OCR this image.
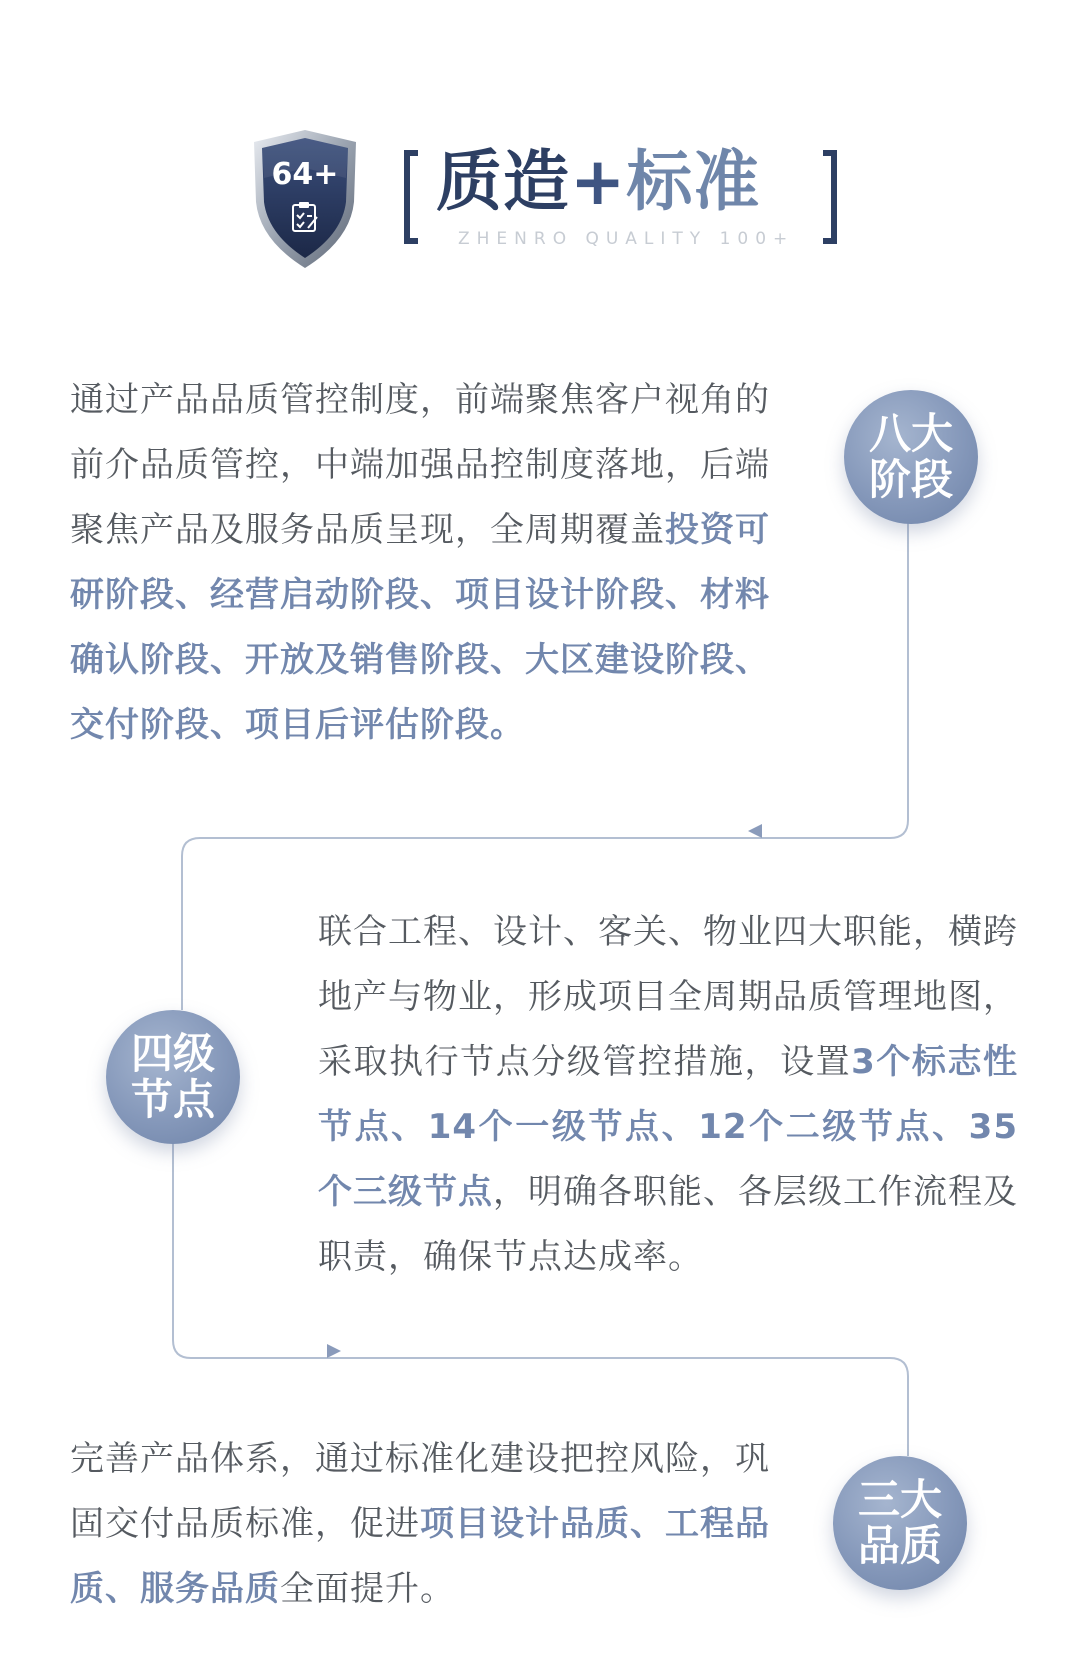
64+ 质造+标准
ZHENRO QUALITY 100+
通过产品品质管控制度，前端聚焦客户视角的前介品质管控，中端加强品控制度落地，后端聚焦产品及服务品质呈现，全周期覆盖投资可研阶段、经营启动阶段、项目设计阶段、材料确认阶段、开放及销售阶段、大区建设阶段、交付阶段、项目后评估阶段。
八大
阶段
四级
节点
联合工程、设计、客关、物业四大职能，横跨地产与物业，形成项目全周期品质管理地图，采取执行节点分级管控措施，设置3个标志性节点、14个一级节点、12个二级节点、35个三级节点，明确各职能、各层级工作流程及职责，确保节点达成率。
完善产品体系，通过标准化建设把控风险，巩固交付品质标准，促进项目设计品质、工程品质、服务品质全面提升。
三大
品质
